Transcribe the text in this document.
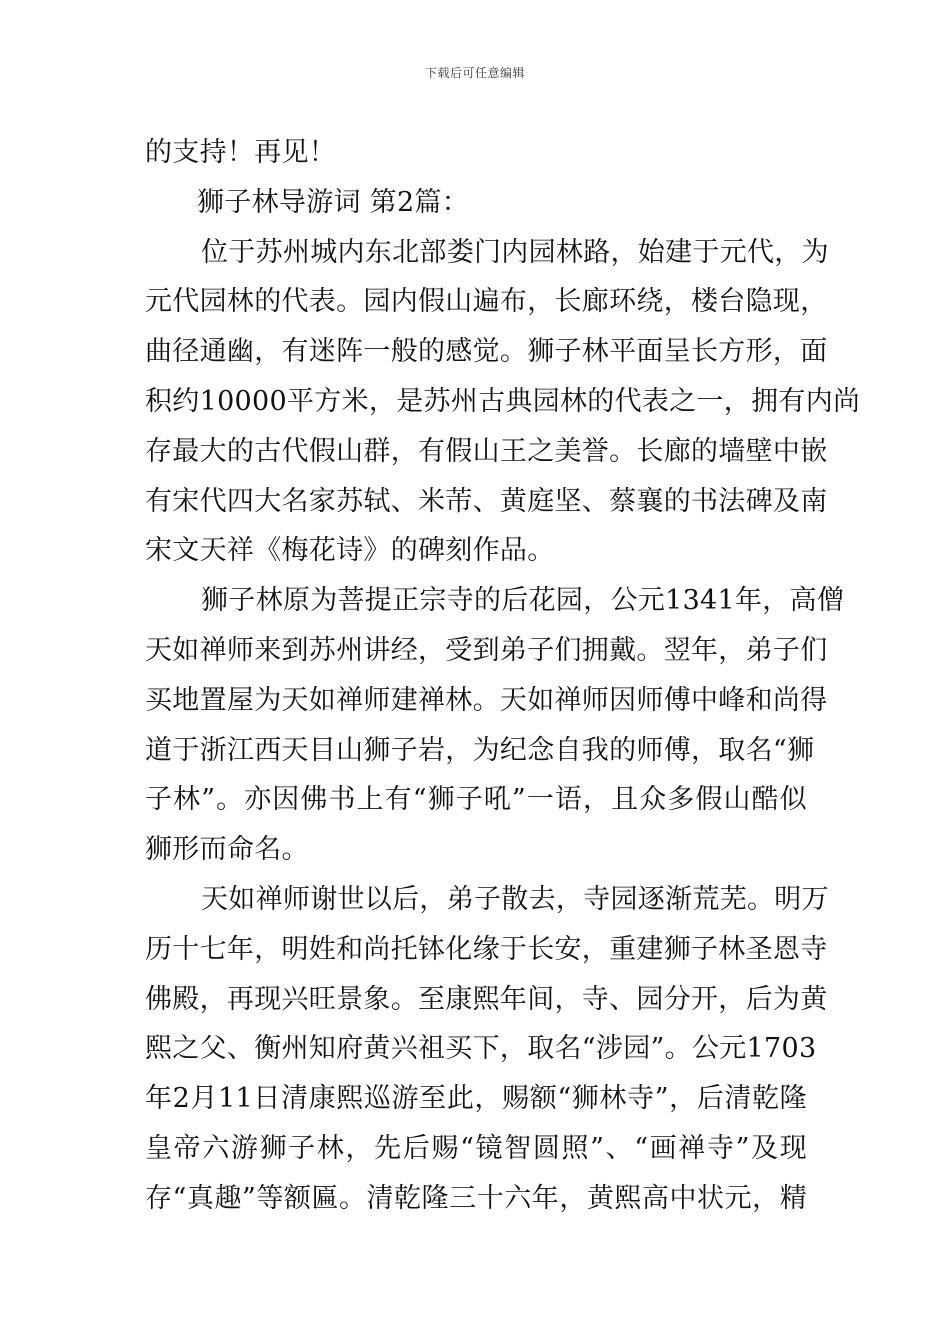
下载后可任意编辑
的支持！再见！
狮子林导游词 第2篇：
位于苏州城内东北部娄门内园林路，始建于元代，为
元代园林的代表。园内假山遍布，长廊环绕，楼台隐现，
曲径通幽，有迷阵一般的感觉。狮子林平面呈长方形，面
积约10000平方米，是苏州古典园林的代表之一，拥有内尚
存最大的古代假山群，有假山王之美誉。长廊的墙壁中嵌
有宋代四大名家苏轼、米芾、黄庭坚、蔡襄的书法碑及南
宋文天祥《梅花诗》的碑刻作品。
狮子林原为菩提正宗寺的后花园，公元1341年，高僧
天如禅师来到苏州讲经，受到弟子们拥戴。翌年，弟子们
买地置屋为天如禅师建禅林。天如禅师因师傅中峰和尚得
道于浙江西天目山狮子岩，为纪念自我的师傅，取名“狮
子林”。亦因佛书上有“狮子吼”一语，且众多假山酷似
狮形而命名。
天如禅师谢世以后，弟子散去，寺园逐渐荒芜。明万
历十七年，明姓和尚托钵化缘于长安，重建狮子林圣恩寺
佛殿，再现兴旺景象。至康熙年间，寺、园分开，后为黄
熙之父、衡州知府黄兴祖买下，取名“涉园”。公元1703
年2月11日清康熙巡游至此，赐额“狮林寺”，后清乾隆
皇帝六游狮子林，先后赐“镜智圆照”、“画禅寺”及现
存“真趣”等额匾。清乾隆三十六年，黄熙高中状元，精
